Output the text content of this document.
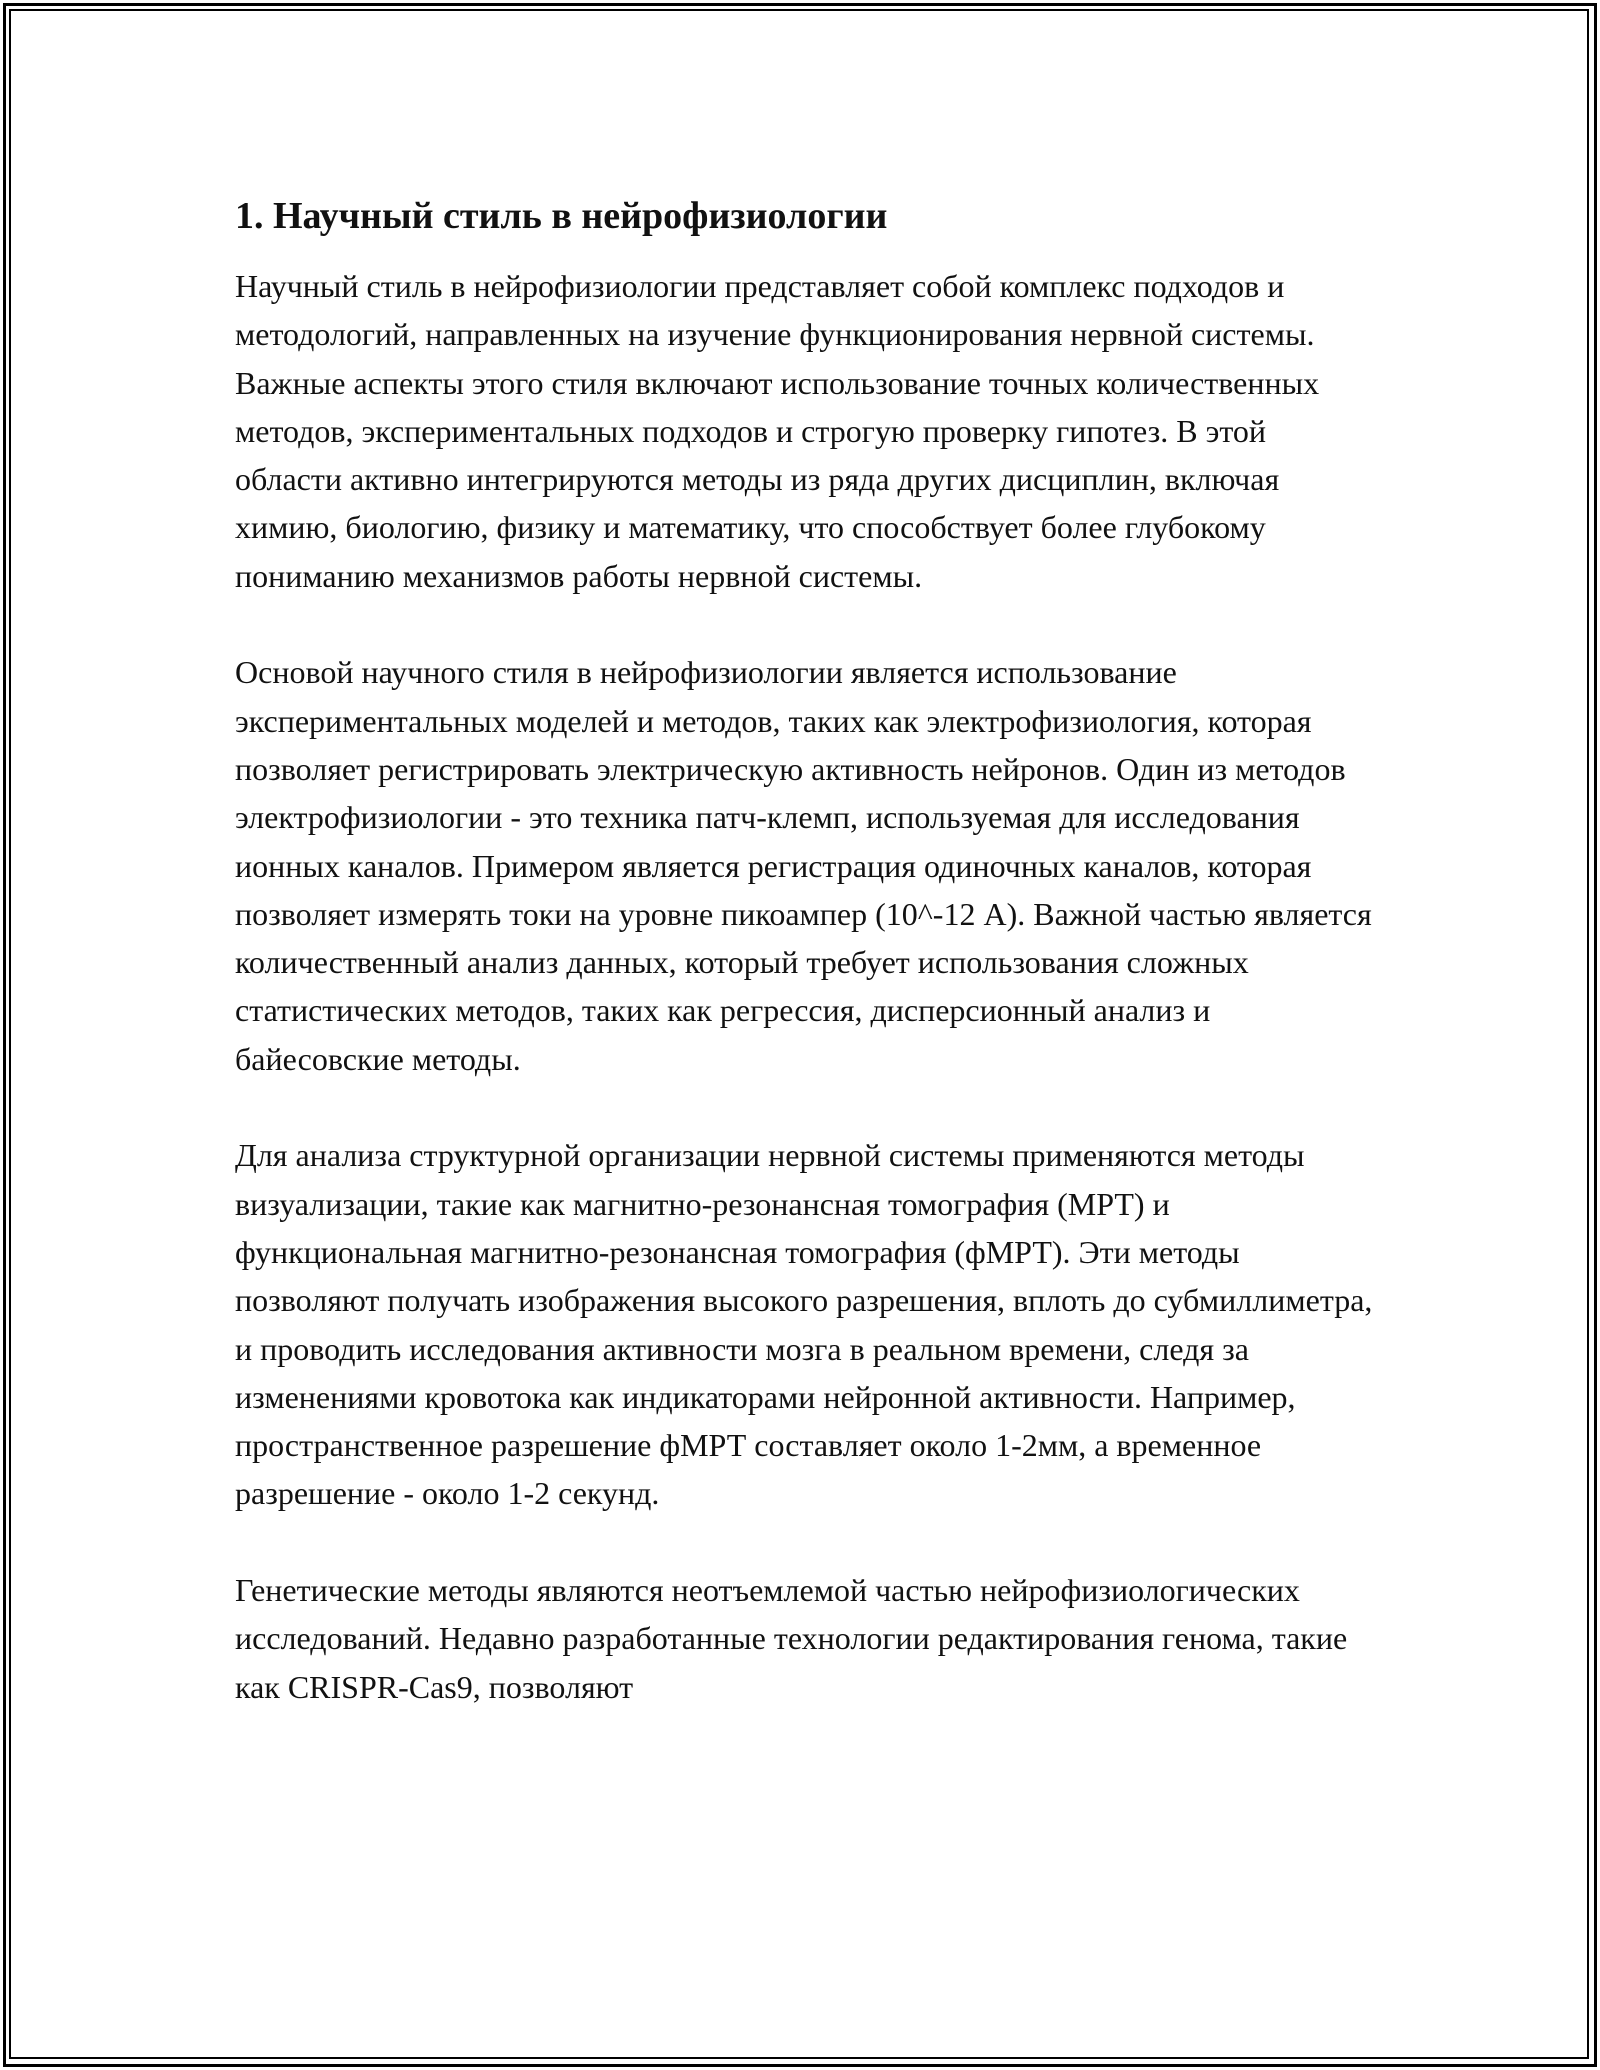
1. Научный стиль в нейрофизиологии

Научный стиль в нейрофизиологии представляет собой комплекс подходов и методологий, направленных на изучение функционирования нервной системы. Важные аспекты этого стиля включают использование точных количественных методов, экспериментальных подходов и строгую проверку гипотез. В этой области активно интегрируются методы из ряда других дисциплин, включая химию, биологию, физику и математику, что способствует более глубокому пониманию механизмов работы нервной системы.

Основой научного стиля в нейрофизиологии является использование экспериментальных моделей и методов, таких как электрофизиология, которая позволяет регистрировать электрическую активность нейронов. Один из методов электрофизиологии - это техника патч-клемп, используемая для исследования ионных каналов. Примером является регистрация одиночных каналов, которая позволяет измерять токи на уровне пикоампер (10^-12 А). Важной частью является количественный анализ данных, который требует использования сложных статистических методов, таких как регрессия, дисперсионный анализ и байесовские методы.

Для анализа структурной организации нервной системы применяются методы визуализации, такие как магнитно-резонансная томография (МРТ) и функциональная магнитно-резонансная томография (фМРТ). Эти методы позволяют получать изображения высокого разрешения, вплоть до субмиллиметра, и проводить исследования активности мозга в реальном времени, следя за изменениями кровотока как индикаторами нейронной активности. Например, пространственное разрешение фМРТ составляет около 1-2мм, а временное разрешение - около 1-2 секунд.

Генетические методы являются неотъемлемой частью нейрофизиологических исследований. Недавно разработанные технологии редактирования генома, такие как CRISPR-Cas9, позволяют
